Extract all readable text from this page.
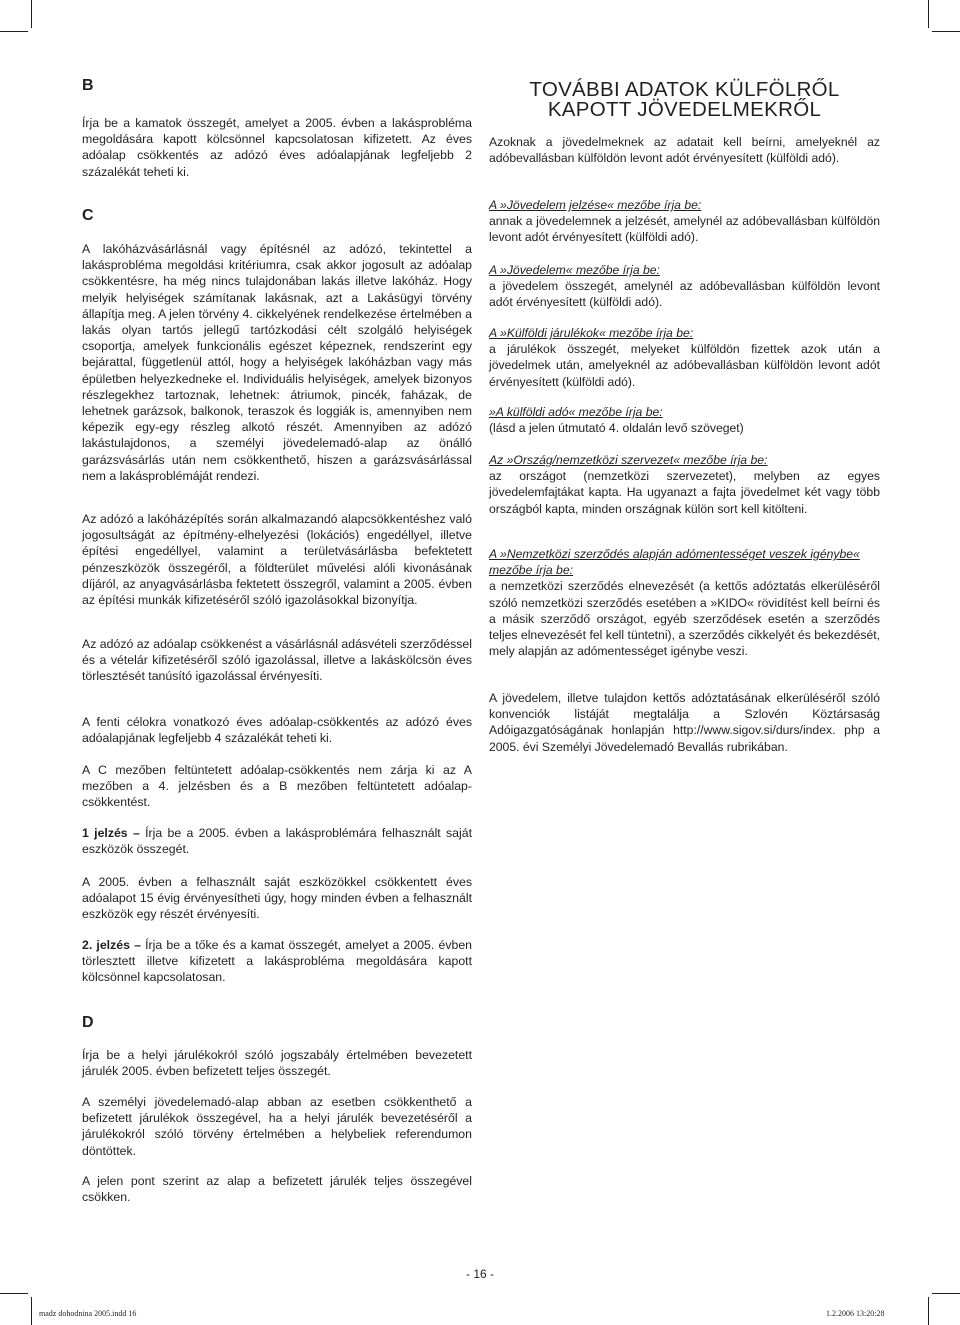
B

Írja be a kamatok összegét, amelyet a 2005. évben a lakásprobléma megoldására kapott kölcsönnel kapcsolatosan kifizetett. Az éves adóalap csökkentés az adózó éves adóalapjának legfeljebb 2 százalékát teheti ki.

C

A lakóházvásárlásnál vagy építésnél az adózó, tekintettel a lakásprobléma megoldási kritériumra, csak akkor jogosult az adóalap csökkentésre, ha még nincs tulajdonában lakás illetve lakóház. Hogy melyik helyiségek számítanak lakásnak, azt a Lakásügyi törvény állapítja meg. A jelen törvény 4. cikkelyének rendelkezése értelmében a lakás olyan tartós jellegű tartózkodási célt szolgáló helyiségek csoportja, amelyek funkcionális egészet képeznek, rendszerint egy bejárattal, függetlenül attól, hogy a helyiségek lakóházban vagy más épületben helyezkedneke el. Individuális helyiségek, amelyek bizonyos részlegekhez tartoznak, lehetnek: átriumok, pincék, faházak, de lehetnek garázsok, balkonok, teraszok és loggiák is, amennyiben nem képezik egy-egy részleg alkotó részét. Amennyiben az adózó lakástulajdonos, a személyi jövedelemadó-alap az önálló garázsvásárlás után nem csökkenthető, hiszen a garázsvásárlással nem a lakásproblémáját rendezi.

Az adózó a lakóházépítés során alkalmazandó alapcsökkentéshez való jogosultságát az építmény-elhelyezési (lokációs) engedéllyel, illetve építési engedéllyel, valamint a területvásárlásba befektetett pénzeszközök összegéről, a földterület művelési alóli kivonásának díjáról, az anyagvásárlásba fektetett összegről, valamint a 2005. évben az építési munkák kifizetéséről szóló igazolásokkal bizonyítja.

Az adózó az adóalap csökkenést a vásárlásnál adásvételi szerződéssel és a vételár kifizetéséről szóló igazolással, illetve a lakáskölcsön éves törlesztését tanúsító igazolással érvényesíti.

A fenti célokra vonatkozó éves adóalap-csökkentés az adózó éves adóalapjának legfeljebb 4 százalékát teheti ki.

A C mezőben feltüntetett adóalap-csökkentés nem zárja ki az A mezőben a 4. jelzésben és a B mezőben feltüntetett adóalapcsökkentést.

1 jelzés – Írja be a 2005. évben a lakásproblémára felhasznált saját eszközök összegét.

A 2005. évben a felhasznált saját eszközökkel csökkentett éves adóalapot 15 évig érvényesítheti úgy, hogy minden évben a felhasznált eszközök egy részét érvényesíti.

2. jelzés – Írja be a tőke és a kamat összegét, amelyet a 2005. évben törlesztett illetve kifizetett a lakásprobléma megoldására kapott kölcsönnel kapcsolatosan.

D

Írja be a helyi járulékokról szóló jogszabály értelmében bevezetett járulék 2005. évben befizetett teljes összegét.

A személyi jövedelemadó-alap abban az esetben csökkenthető a befizetett járulékok összegével, ha a helyi járulék bevezetéséről a járulékokról szóló törvény értelmében a helybeliek referendumon döntöttek.

A jelen pont szerint az alap a befizetett járulék teljes összegével csökken.

TOVÁBBI ADATOK KÜLFÖLRŐL
KAPOTT JÖVEDELMEKRŐL

Azoknak a jövedelmeknek az adatait kell beírni, amelyeknél az adóbevallásban külföldön levont adót érvényesített (külföldi adó).

A »Jövedelem jelzése« mezőbe írja be:
annak a jövedelemnek a jelzését, amelynél az adóbevallásban külföldön levont adót érvényesített (külföldi adó).

A »Jövedelem« mezőbe írja be:
a jövedelem összegét, amelynél az adóbevallásban külföldön levont adót érvényesített (külföldi adó).

A »Külföldi járulékok« mezőbe írja be:
a járulékok összegét, melyeket külföldön fizettek azok után a jövedelmek után, amelyeknél az adóbevallásban külföldön levont adót érvényesített (külföldi adó).

»A külföldi adó« mezőbe írja be:
(lásd a jelen útmutató 4. oldalán levő szöveget)

Az »Ország/nemzetközi szervezet« mezőbe írja be:
az országot (nemzetközi szervezetet), melyben az egyes jövedelemfajtákat kapta. Ha ugyanazt a fajta jövedelmet két vagy több országból kapta, minden országnak külön sort kell kitölteni.

A »Nemzetközi szerződés alapján adómentességet veszek igénybe« mezőbe írja be:
a nemzetközi szerződés elnevezését (a kettős adóztatás elkerüléséről szóló nemzetközi szerződés esetében a »KIDO« rövidítést kell beírni és a másik szerződő országot, egyéb szerződések esetén a szerződés teljes elnevezését fel kell tüntetni), a szerződés cikkelyét és bekezdését, mely alapján az adómentességet igénybe veszi.

A jövedelem, illetve tulajdon kettős adóztatásának elkerüléséről szóló konvenciók listáját megtalálja a Szlovén Köztársaság Adóigazgatóságának honlapján http://www.sigov.si/durs/index. php a 2005. évi Személyi Jövedelemadó Bevallás rubrikában.

- 16 -
madz dohodnina 2005.indd 16	1.2.2006 13:20:28
